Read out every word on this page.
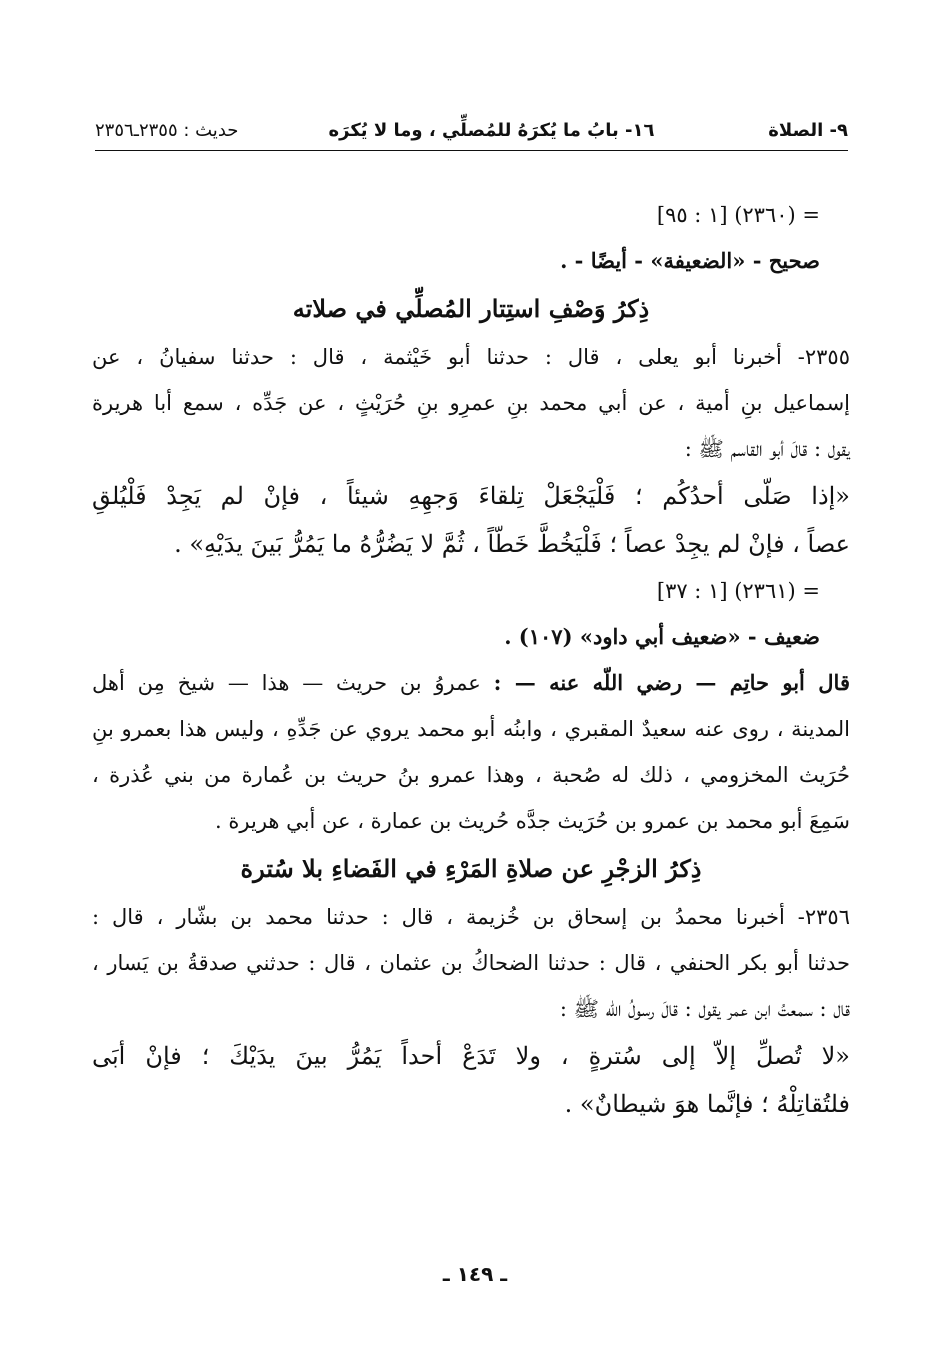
٩- الصلاة
١٦- بابُ ما يُكرَهُ للمُصلِّي ، وما لا يُكرَه
حديث : ٢٣٥٥ـ٢٣٥٦
= (٢٣٦٠) [١ : ٩٥]
صحيح - «الضعيفة» - أيضًا - .
ذِكرُ وَصْفِ استِتار المُصلِّي في صلاته
٢٣٥٥- أخبرنا أبو يعلى ، قال : حدثنا أبو خَيْثمة ، قال : حدثنا سفيانُ ، عن
إسماعيل بنِ أمية ، عن أبي محمد بنِ عمرِو بنِ حُرَيْثٍ ، عن جَدِّه ، سمع أبا هريرة
يقول : قالَ أبو القاسم ﷺ :
«إذا صَلّى أحدُكُم ؛ فَلْيَجْعَلْ تِلقاءَ وَجهِهِ شيئاً ، فإنْ لم يَجِدْ فَلْيُلقِ
عصاً ، فإنْ لم يجِدْ عصاً ؛ فَلْيَخُطَّ خَطّاً ، ثُمَّ لا يَضُرُّهُ ما يَمُرُّ بَينَ يدَيْهِ» .
= (٢٣٦١) [١ : ٣٧]
ضعيف - «ضعيف أبي داود» (١٠٧) .
قال أبو حاتِم — رضي اللّه عنه — : عمروُ بن حريث — هذا — شيخ مِن أهل
المدينة ، روى عنه سعيدٌ المقبري ، وابنُه أبو محمد يروي عن جَدِّهِ ، وليس هذا بعمرو بنِ
حُرَيث المخزومي ، ذلك له صُحبة ، وهذا عمرو بنُ حريث بن عُمارة من بني عُذرة ،
سَمِعَ أبو محمد بن عمرو بن حُرَيث جدَّه حُريث بن عمارة ، عن أبي هريرة .
ذِكرُ الزجْرِ عن صلاةِ المَرْءِ في الفَضاءِ بلا سُترة
٢٣٥٦- أخبرنا محمدُ بن إسحاق بن خُزيمة ، قال : حدثنا محمد بن بشّار ، قال :
حدثنا أبو بكر الحنفي ، قال : حدثنا الضحاكُ بن عثمان ، قال : حدثني صدقةُ بن يَسار ،
قال : سمعتُ ابن عمر يقول : قالَ رسولُ اللّه ﷺ :
«لا تُصلِّ إلاّ إلى سُترةٍ ، ولا تَدَعْ أحداً يَمُرُّ بينَ يدَيْكَ ؛ فإنْ أبَى
فلتُقاتِلْهُ ؛ فإنَّما هوَ شيطانٌ» .
ـ ١٤٩ ـ
